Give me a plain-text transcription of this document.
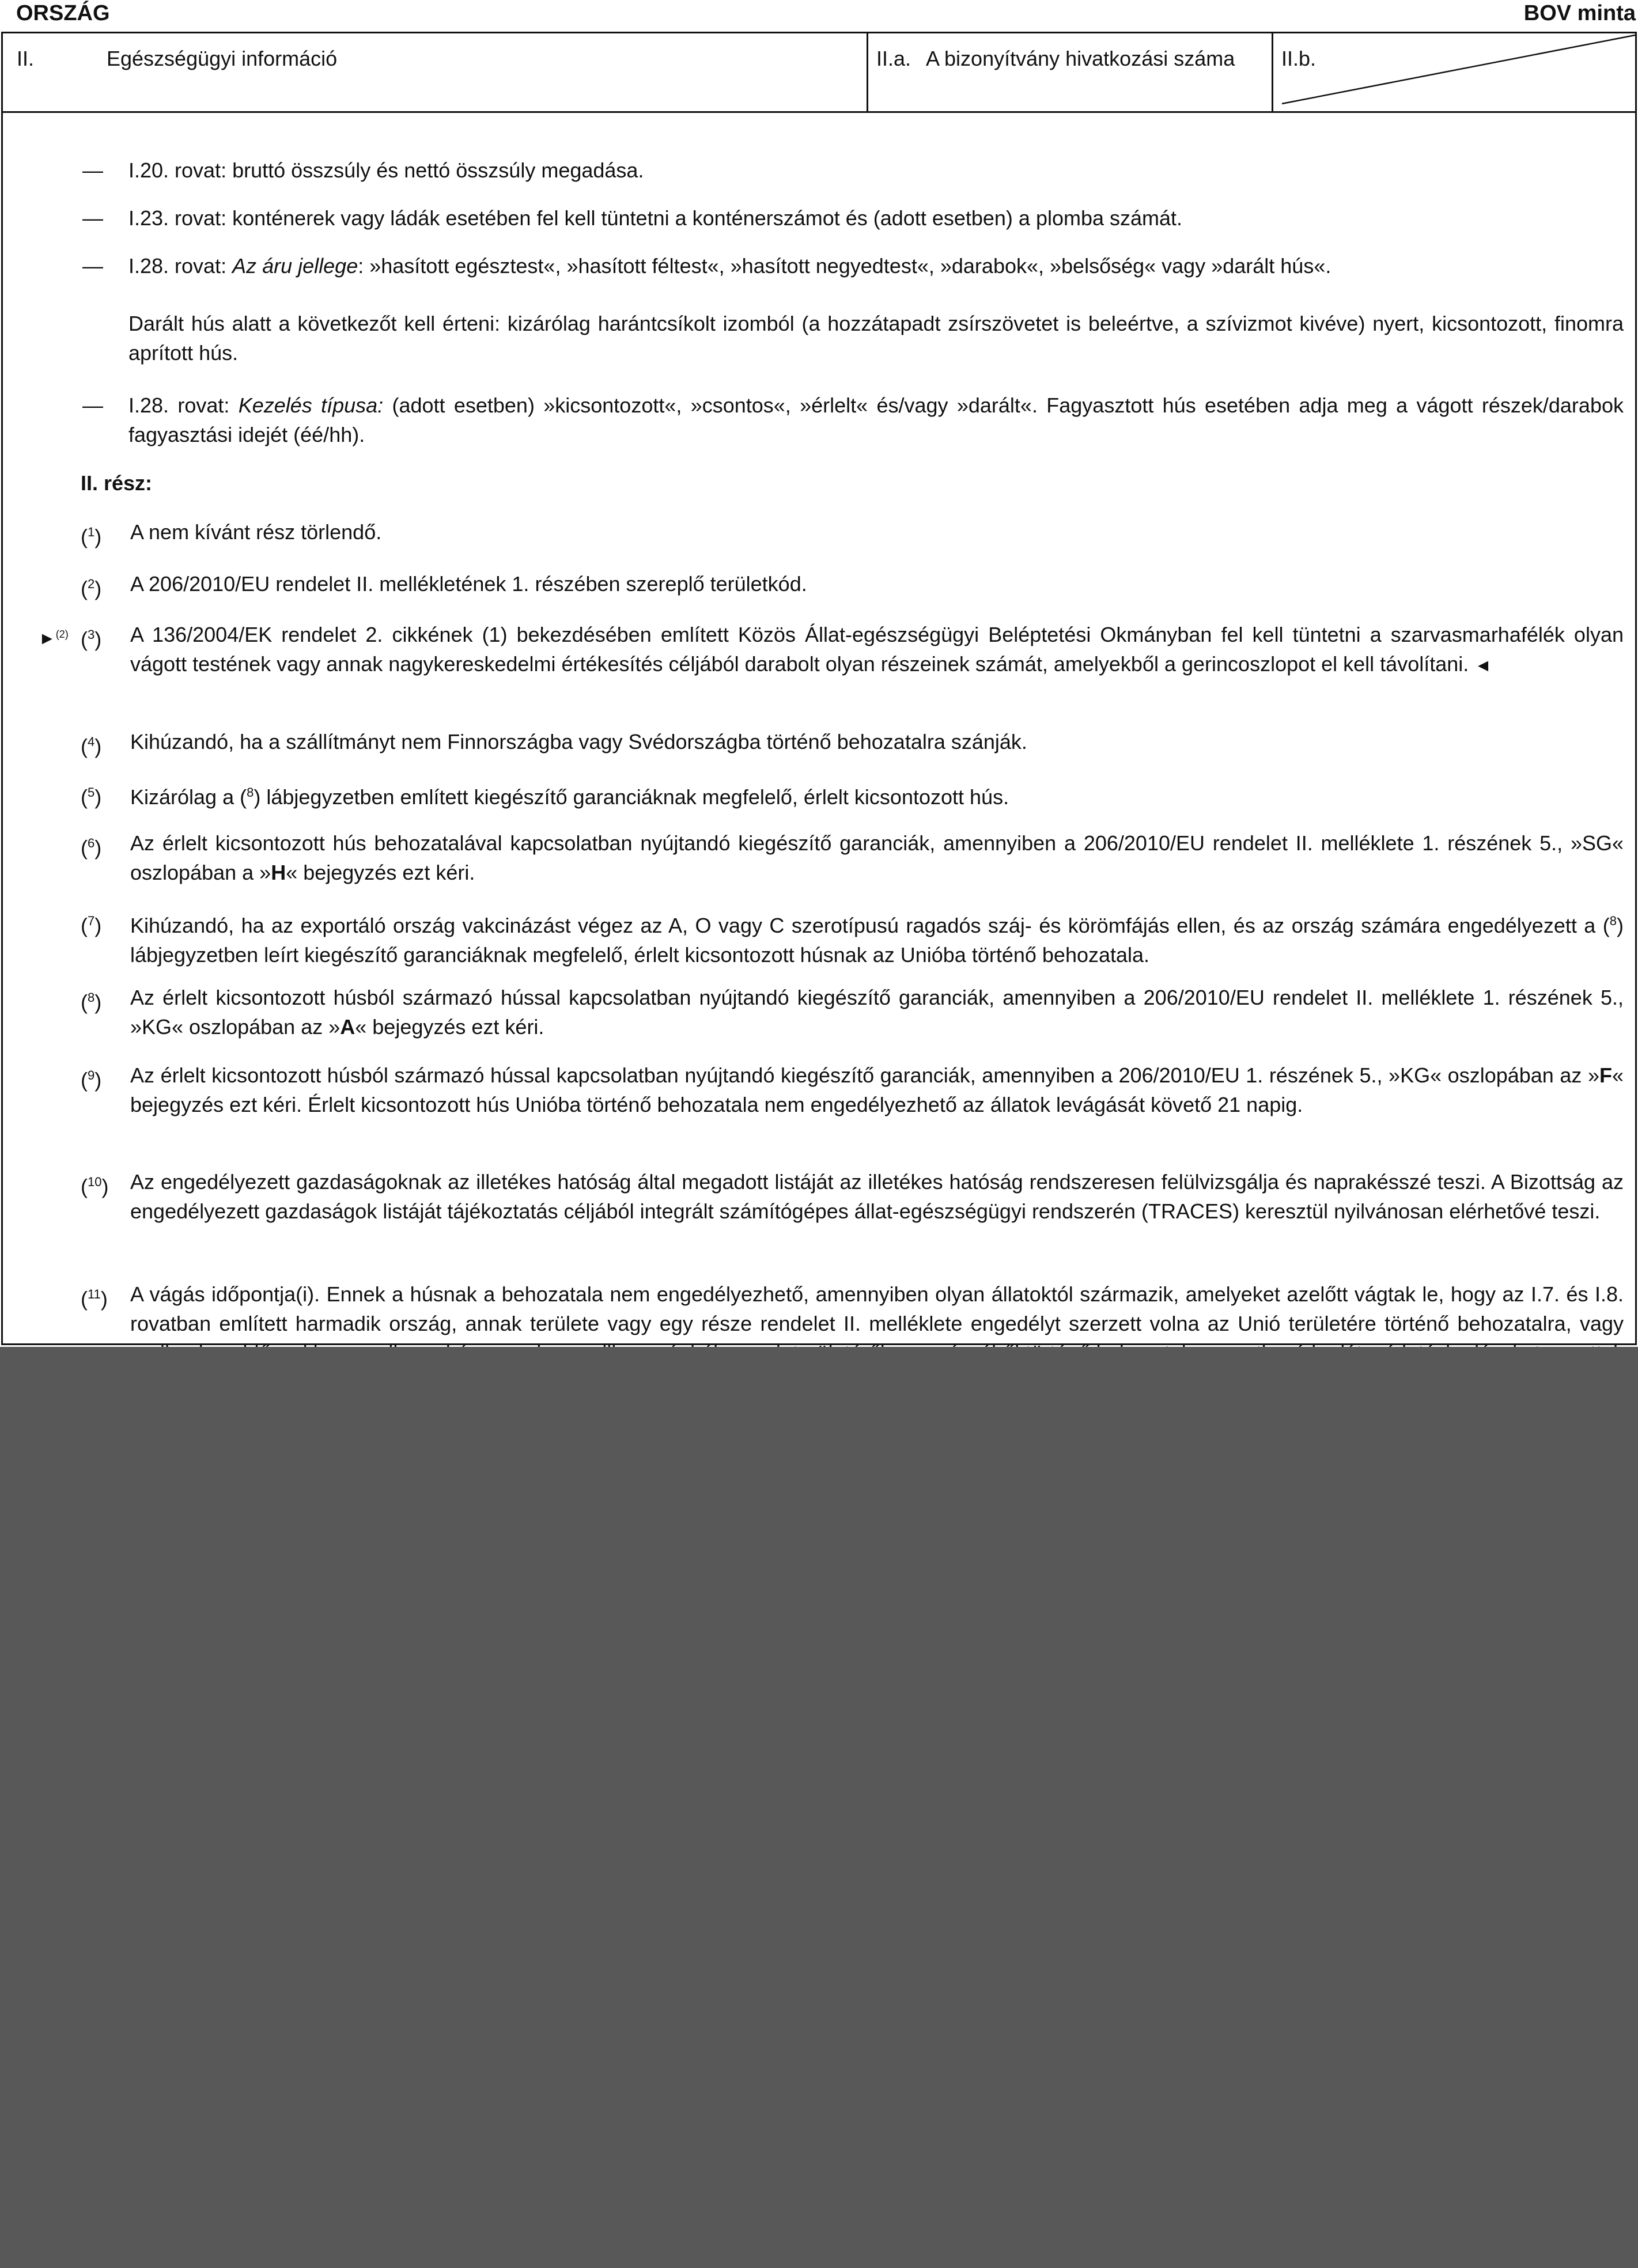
ORSZÁG	BOV minta
II.	Egészségügyi információ	II.a. A bizonyítvány hivatkozási száma	II.b.
— I.20. rovat: bruttó összsúly és nettó összsúly megadása.
— I.23. rovat: konténerek vagy ládák esetében fel kell tüntetni a konténerszámot és (adott esetben) a plomba számát.
— I.28. rovat: Az áru jellege: »hasított egésztest«, »hasított féltest«, »hasított negyedtest«, »darabok«, »belsőség« vagy »darált hús«.
Darált hús alatt a következőt kell érteni: kizárólag harántcsíkolt izomból (a hozzátapadt zsírszövetet is beleértve, a szívizmot kivéve) nyert, kicsontozott, finomra aprított hús.
— I.28. rovat: Kezelés típusa: (adott esetben) »kicsontozott«, »csontos«, »érlelt« és/vagy »darált«. Fagyasztott hús esetében adja meg a vágott részek/darabok fagyasztási idejét (éé/hh).
II. rész:
($^1$) A nem kívánt rész törlendő.
($^2$) A 206/2010/EU rendelet II. mellékletének 1. részében szereplő területkód.
►$^{(2)}$ ($^3$) A 136/2004/EK rendelet 2. cikkének (1) bekezdésében említett Közös Állat-egészségügyi Beléptetési Okmányban fel kell tüntetni a szarvasmarhafélék olyan vágott testének vagy annak nagykereskedelmi értékesítés céljából darabolt olyan részeinek számát, amelyekből a gerincoszlopot el kell távolítani. ◄
($^4$) Kihúzandó, ha a szállítmányt nem Finnországba vagy Svédországba történő behozatalra szánják.
($^5$) Kizárólag a ($^8$) lábjegyzetben említett kiegészítő garanciáknak megfelelő, érlelt kicsontozott hús.
($^6$) Az érlelt kicsontozott hús behozatalával kapcsolatban nyújtandó kiegészítő garanciák, amennyiben a 206/2010/EU rendelet II. melléklete 1. részének 5., »SG« oszlopában a »H« bejegyzés ezt kéri.
($^7$) Kihúzandó, ha az exportáló ország vakcinázást végez az A, O vagy C szerotípusú ragadós száj- és körömfájás ellen, és az ország számára engedélyezett a ($^8$) lábjegyzetben leírt kiegészítő garanciáknak megfelelő, érlelt kicsontozott húsnak az Unióba történő behozatala.
($^8$) Az érlelt kicsontozott húsból származó hússal kapcsolatban nyújtandó kiegészítő garanciák, amennyiben a 206/2010/EU rendelet II. melléklete 1. részének 5., »KG« oszlopában az »A« bejegyzés ezt kéri.
($^9$) Az érlelt kicsontozott húsból származó hússal kapcsolatban nyújtandó kiegészítő garanciák, amennyiben a 206/2010/EU 1. részének 5., »KG« oszlopában az »F« bejegyzés ezt kéri. Érlelt kicsontozott hús Unióba történő behozatala nem engedélyezhető az állatok levágását követő 21 napig.
($^{10}$) Az engedélyezett gazdaságoknak az illetékes hatóság által megadott listáját az illetékes hatóság rendszeresen felülvizsgálja és naprakésszé teszi. A Bizottság az engedélyezett gazdaságok listáját tájékoztatás céljából integrált számítógépes állat-egészségügyi rendszerén (TRACES) keresztül nyilvánosan elérhetővé teszi.
($^{11}$) A vágás időpontja(i). Ennek a húsnak a behozatala nem engedélyezhető, amennyiben olyan állatoktól származik, amelyeket azelőtt vágtak le, hogy az I.7. és I.8. rovatban említett harmadik ország, annak területe vagy egy része rendelet II. melléklete engedélyt szerzett volna az Unió területére történő behozatalra, vagy
